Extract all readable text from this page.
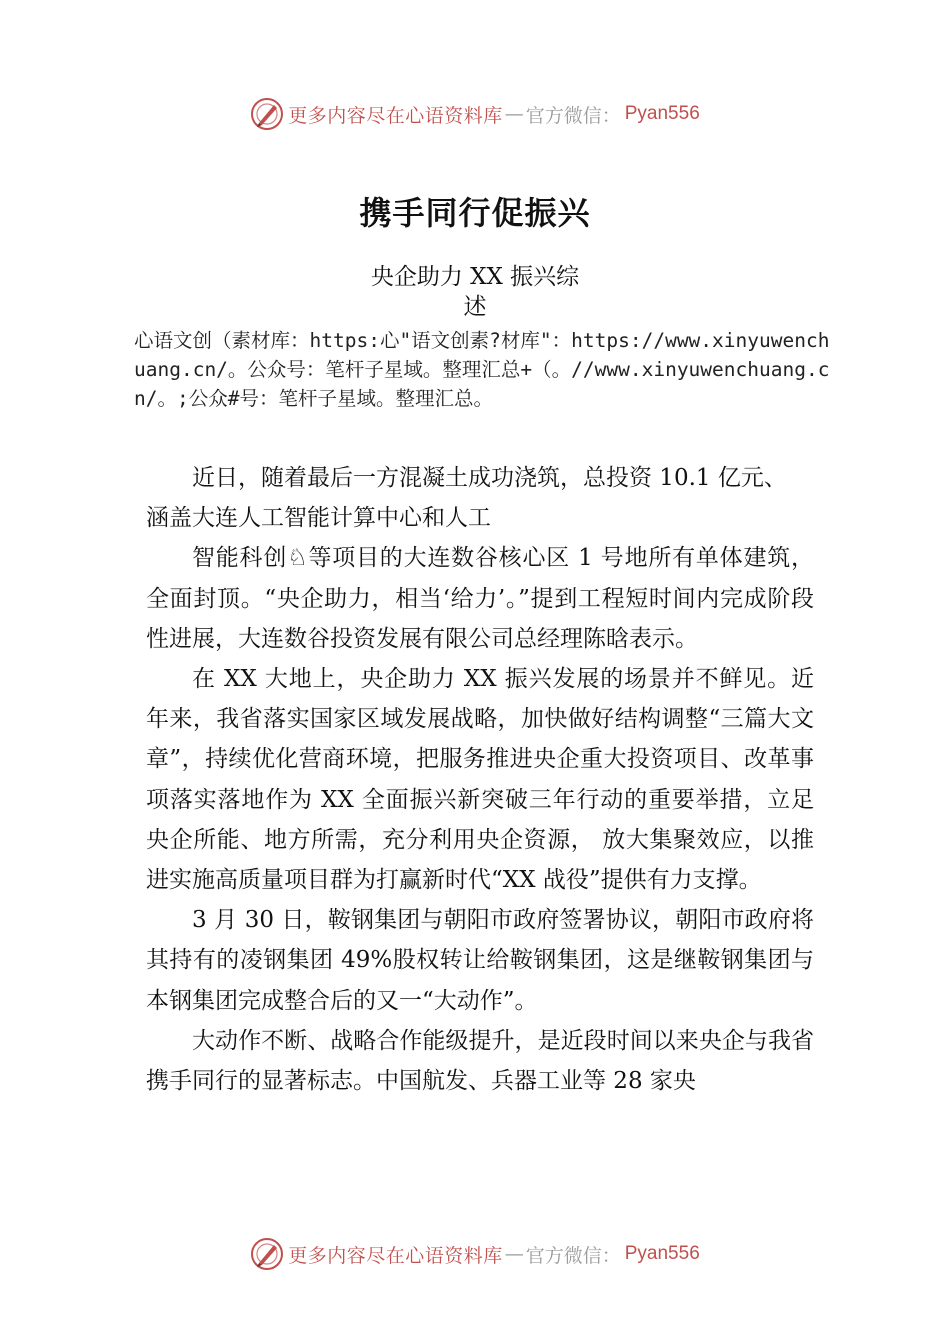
更多内容尽在心语资料库 — 官方微信： Pyan556
携手同行促振兴
央企助力 XX 振兴综
述
心语文创（素材库：https:心"语文创素?材库"：https://www.xinyuwenchuang.cn/。公众号：笔杆子星域。整理汇总+（。//www.xinyuwenchuang.cn/。;公众#号：笔杆子星域。整理汇总。

近日，随着最后一方混凝土成功浇筑，总投资 10.1 亿元、

涵盖大连人工智能计算中心和人工

智能科创♘等项目的大连数谷核心区 1 号地所有单体建筑，全面封顶。“央企助力，相当‘给力’。”提到工程短时间内完成阶段性进展，大连数谷投资发展有限公司总经理陈晗表示。

在 XX 大地上，央企助力 XX 振兴发展的场景并不鲜见。近年来，我省落实国家区域发展战略，加快做好结构调整“三篇大文章”，持续优化营商环境，把服务推进央企重大投资项目、改革事项落实落地作为 XX 全面振兴新突破三年行动的重要举措，立足央企所能、地方所需，充分利用央企资源， 放大集聚效应，以推进实施高质量项目群为打赢新时代“XX 战役”提供有力支撑。

3 月 30 日，鞍钢集团与朝阳市政府签署协议，朝阳市政府将其持有的凌钢集团 49%股权转让给鞍钢集团，这是继鞍钢集团与本钢集团完成整合后的又一“大动作”。

大动作不断、战略合作能级提升，是近段时间以来央企与我省携手同行的显著标志。中国航发、兵器工业等 28 家央

更多内容尽在心语资料库 — 官方微信： Pyan556
